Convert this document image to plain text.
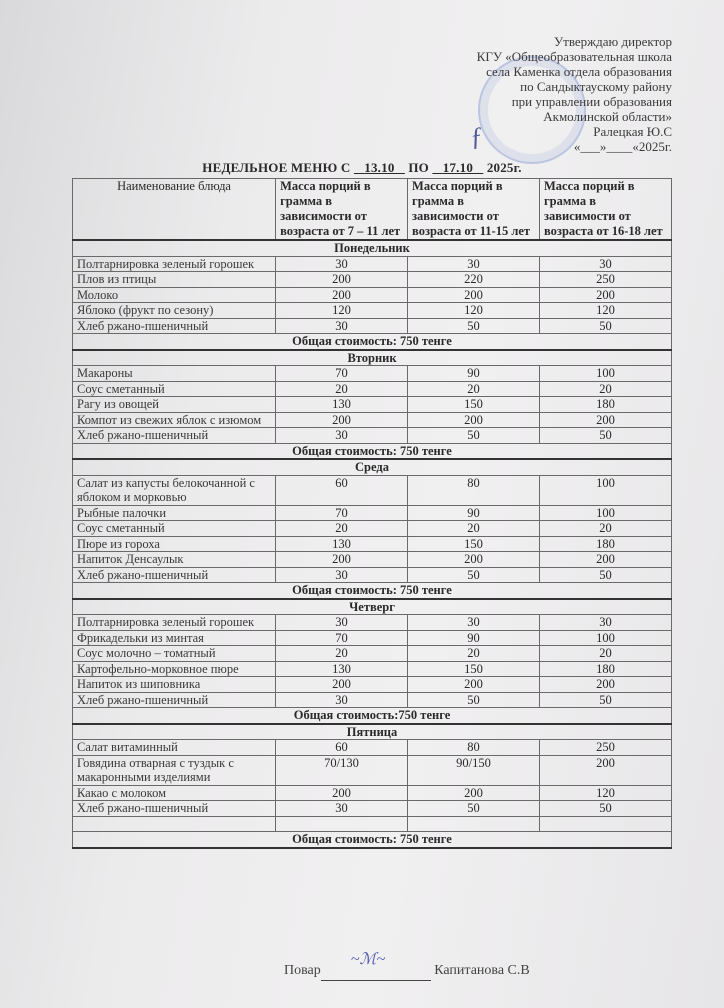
ƒ
Утверждаю директор
КГУ «Общеобразовательная школа
села Каменка отдела образования
по Сандыктаускому району
при управлении образования
Акмолинской области»
Ралецкая Ю.С
«___»____«2025г.
НЕДЕЛЬНОЕ МЕНЮ С 13.10 ПО 17.10 2025г.
Наименование блюда	Масса порций в грамма в зависимости от возраста от 7 – 11 лет	Масса порций в грамма в зависимости от возраста от 11-15 лет	Масса порций в грамма в зависимости от возраста от 16-18 лет
Понедельник			
Полтарнировка зеленый горошек	30	30	30
Плов из птицы	200	220	250
Молоко	200	200	200
Яблоко (фрукт по сезону)	120	120	120
Хлеб ржано-пшеничный	30	50	50
Общая стоимость: 750 тенге			
Вторник			
Макароны	70	90	100
Соус сметанный	20	20	20
Рагу из овощей	130	150	180
Компот из свежих яблок с изюмом	200	200	200
Хлеб ржано-пшеничный	30	50	50
Общая стоимость: 750 тенге			
Среда			
Салат из капусты белокочанной с яблоком и морковью	60	80	100
Рыбные палочки	70	90	100
Соус сметанный	20	20	20
Пюре из гороха	130	150	180
Напиток Денсаулык	200	200	200
Хлеб ржано-пшеничный	30	50	50
Общая стоимость: 750 тенге			
Четверг			
Полтарнировка зеленый горошек	30	30	30
Фрикадельки из минтая	70	90	100
Соус молочно – томатный	20	20	20
Картофельно-морковное пюре	130	150	180
Напиток из шиповника	200	200	200
Хлеб ржано-пшеничный	30	50	50
Общая стоимость:750 тенге			
Пятница			
Салат витаминный	60	80	250
Говядина отварная с туздык с макаронными изделиями	70/130	90/150	200
Какао с молоком	200	200	120
Хлеб ржано-пшеничный	30	50	50

Общая стоимость: 750 тенге			
Повар
~ℳ~
Капитанова С.В
